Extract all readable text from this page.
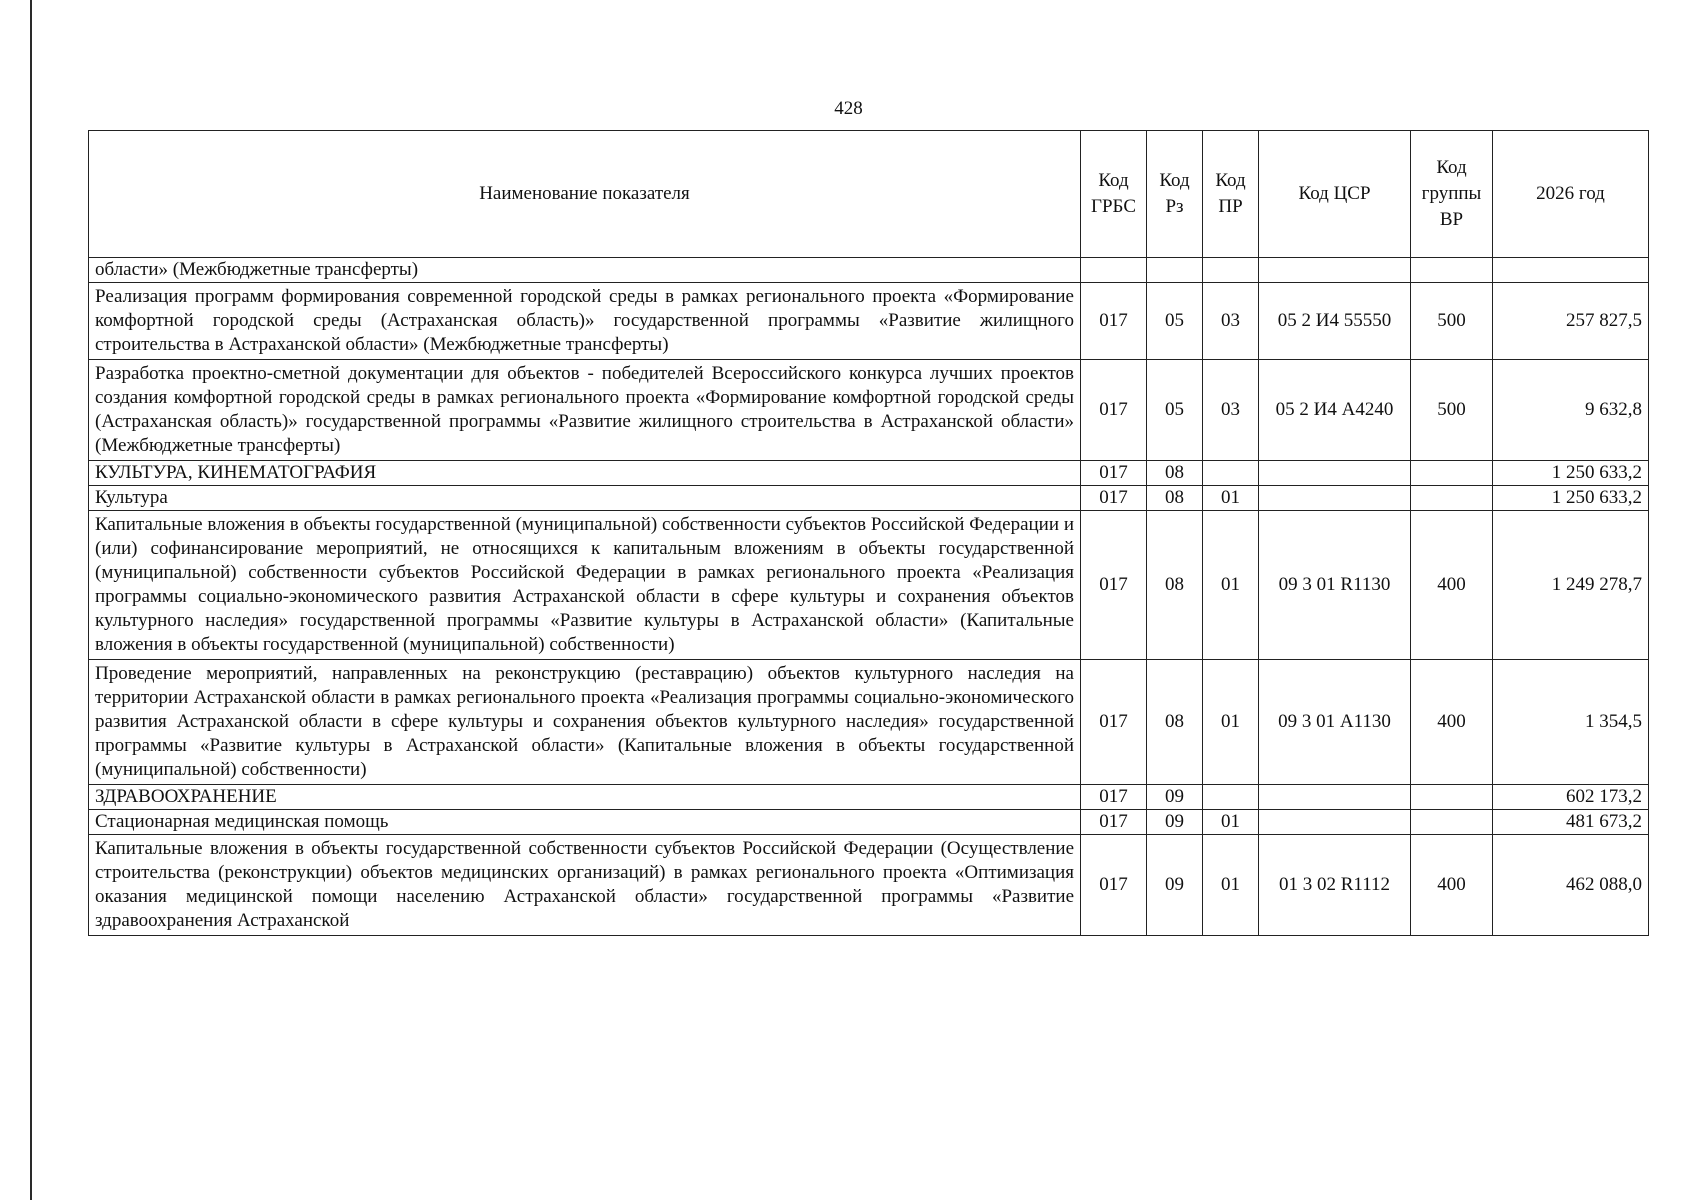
428
Наименование показателя	Код ГРБС	Код Рз	Код ПР	Код ЦСР	Код группы ВР	2026 год
области» (Межбюджетные трансферты)						
Реализация программ формирования современной городской среды в рамках регионального проекта «Формирование комфортной городской среды (Астраханская область)» государственной программы «Развитие жилищного строительства в Астраханской области» (Межбюджетные трансферты)	017	05	03	05 2 И4 55550	500	257 827,5
Разработка проектно-сметной документации для объектов - победителей Всероссийского конкурса лучших проектов создания комфортной городской среды в рамках регионального проекта «Формирование комфортной городской среды (Астраханская область)» государственной программы «Развитие жилищного строительства в Астраханской области» (Межбюджетные трансферты)	017	05	03	05 2 И4 А4240	500	9 632,8
КУЛЬТУРА, КИНЕМАТОГРАФИЯ	017	08				1 250 633,2
Культура	017	08	01			1 250 633,2
Капитальные вложения в объекты государственной (муниципальной) собственности субъектов Российской Федерации и (или) софинансирование мероприятий, не относящихся к капитальным вложениям в объекты государственной (муниципальной) собственности субъектов Российской Федерации в рамках регионального проекта «Реализация программы социально-экономического развития Астраханской области в сфере культуры и сохранения объектов культурного наследия» государственной программы «Развитие культуры в Астраханской области» (Капитальные вложения в объекты государственной (муниципальной) собственности)	017	08	01	09 3 01 R1130	400	1 249 278,7
Проведение мероприятий, направленных на реконструкцию (реставрацию) объектов культурного наследия на территории Астраханской области в рамках регионального проекта «Реализация программы социально-экономического развития Астраханской области в сфере культуры и сохранения объектов культурного наследия» государственной программы «Развитие культуры в Астраханской области» (Капитальные вложения в объекты государственной (муниципальной) собственности)	017	08	01	09 3 01 А1130	400	1 354,5
ЗДРАВООХРАНЕНИЕ	017	09				602 173,2
Стационарная медицинская помощь	017	09	01			481 673,2
Капитальные вложения в объекты государственной собственности субъектов Российской Федерации (Осуществление строительства (реконструкции) объектов медицинских организаций) в рамках регионального проекта «Оптимизация оказания медицинской помощи населению Астраханской области» государственной программы «Развитие здравоохранения Астраханской	017	09	01	01 3 02 R1112	400	462 088,0
